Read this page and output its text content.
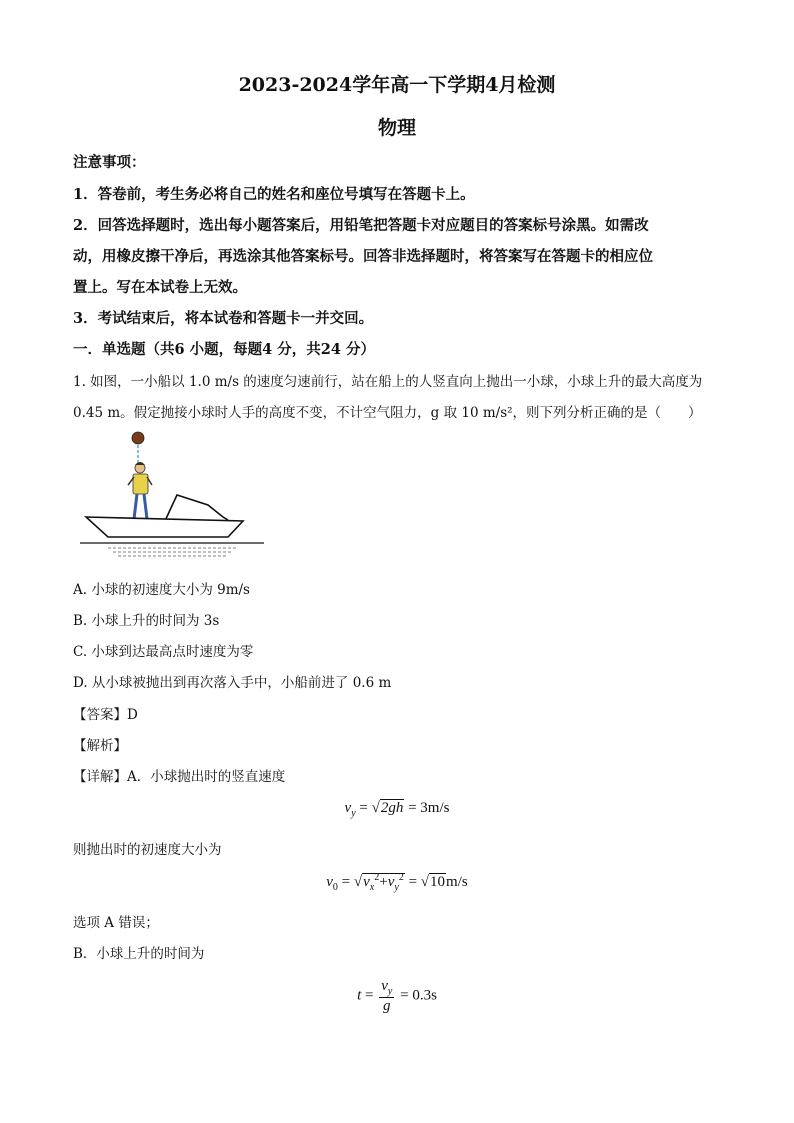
2023-2024学年高一下学期4月检测
物理
注意事项：
1．答卷前，考生务必将自己的姓名和座位号填写在答题卡上。
2．回答选择题时，选出每小题答案后，用铅笔把答题卡对应题目的答案标号涂黑。如需改
动，用橡皮擦干净后，再选涂其他答案标号。回答非选择题时，将答案写在答题卡的相应位
置上。写在本试卷上无效。
3．考试结束后，将本试卷和答题卡一并交回。
一．单选题（共6 小题，每题4 分，共24 分）
1. 如图，一小船以 1.0 m/s 的速度匀速前行，站在船上的人竖直向上抛出一小球，小球上升的最大高度为
0.45 m。假定抛接小球时人手的高度不变，不计空气阻力，g 取 10 m/s²，则下列分析正确的是（　　）
A. 小球的初速度大小为 9m/s
B. 小球上升的时间为 3s
C. 小球到达最高点时速度为零
D. 从小球被抛出到再次落入手中，小船前进了 0.6 m
【答案】D
【解析】
【详解】A．小球抛出时的竖直速度
$v_y = √2gh = 3m/s$
则抛出时的初速度大小为
$v_0 = √v_x^2+v_y^2 = √10m/s$
选项 A 错误；
B．小球上升的时间为
$t = \frac{v_y}{g} = 0.3s$
